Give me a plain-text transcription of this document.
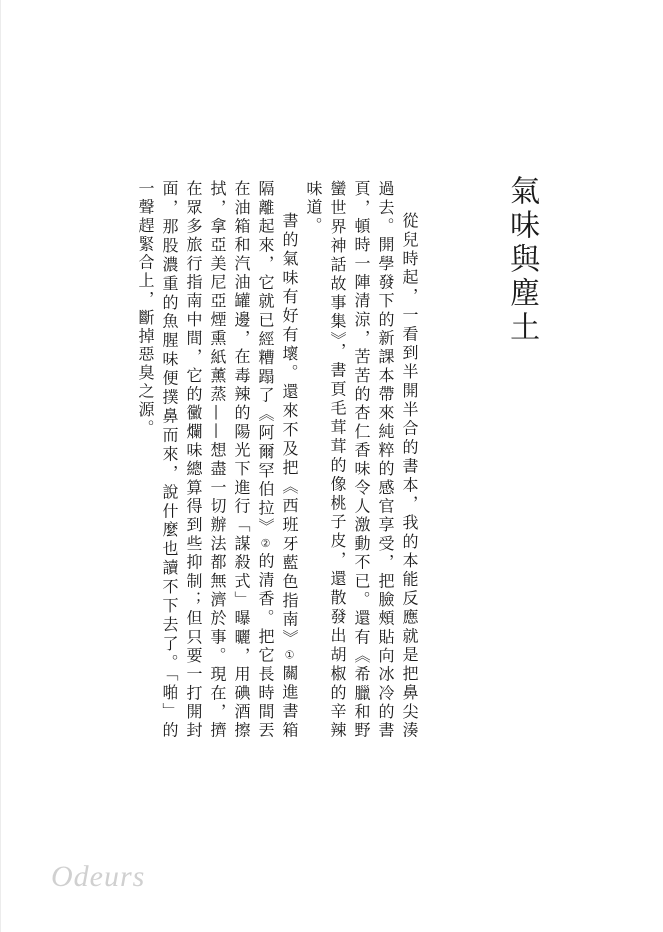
氣味與塵土

從兒時起，一看到半開半合的書本，我的本能反應就是把鼻尖湊過去。開學發下的新課本帶來純粹的感官享受，把臉頰貼向冰冷的書頁，頓時一陣清涼，苦苦的杏仁香味令人激動不已。還有《希臘和野蠻世界神話故事集》，書頁毛茸茸的像桃子皮，還散發出胡椒的辛辣味道。

書的氣味有好有壞。還來不及把《西班牙藍色指南》①關進書箱隔離起來，它就已經糟蹋了《阿爾罕伯拉》②的清香。把它長時間丟在油箱和汽油罐邊，在毒辣的陽光下進行「謀殺式」曝曬，用碘酒擦拭，拿亞美尼亞煙熏紙薰蒸——想盡一切辦法都無濟於事。現在，擠在眾多旅行指南中間，它的黴爛味總算得到些抑制；但只要一打開封面，那股濃重的魚腥味便撲鼻而來，說什麼也讀不下去了。「啪」的一聲趕緊合上，斷掉惡臭之源。

Odeurs
